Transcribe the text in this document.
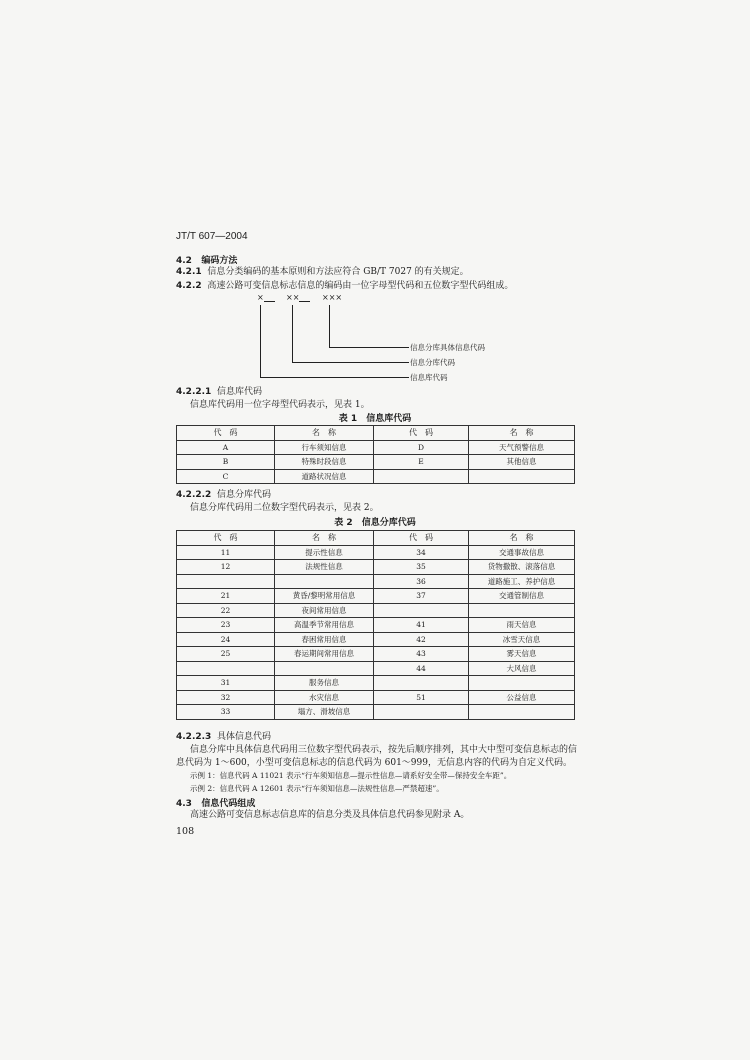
JT/T 607—2004
4.2 编码方法
4.2.1 信息分类编码的基本原则和方法应符合 GB/T 7027 的有关规定。
4.2.2 高速公路可变信息标志信息的编码由一位字母型代码和五位数字型代码组成。
×	××	×××
信息分库具体信息代码
信息分库代码
信息库代码
4.2.2.1 信息库代码
信息库代码用一位字母型代码表示，见表 1。
表 1　信息库代码
代　码	名　称	代　码	名　称
A	行车须知信息	D	天气预警信息
B	特殊时段信息	E	其他信息
C	道路状况信息		
4.2.2.2 信息分库代码
信息分库代码用二位数字型代码表示，见表 2。
表 2　信息分库代码
代　码	名　称	代　码	名　称
11	提示性信息	34	交通事故信息
12	法规性信息	35	货物撒散、滚落信息
		36	道路施工、养护信息
21	黄昏/黎明常用信息	37	交通管制信息
22	夜间常用信息		
23	高温季节常用信息	41	雨天信息
24	春困常用信息	42	冰雪天信息
25	春运期间常用信息	43	雾天信息
		44	大风信息
31	服务信息		
32	水灾信息	51	公益信息
33	塌方、滑坡信息		
4.2.2.3 具体信息代码
信息分库中具体信息代码用三位数字型代码表示，按先后顺序排列，其中大中型可变信息标志的信
息代码为 1～600，小型可变信息标志的信息代码为 601～999，无信息内容的代码为自定义代码。
示例 1：信息代码 A 11021 表示“行车须知信息—提示性信息—请系好安全带—保持安全车距”。
示例 2：信息代码 A 12601 表示“行车须知信息—法规性信息—严禁超速”。
4.3 信息代码组成
高速公路可变信息标志信息库的信息分类及具体信息代码参见附录 A。
108
